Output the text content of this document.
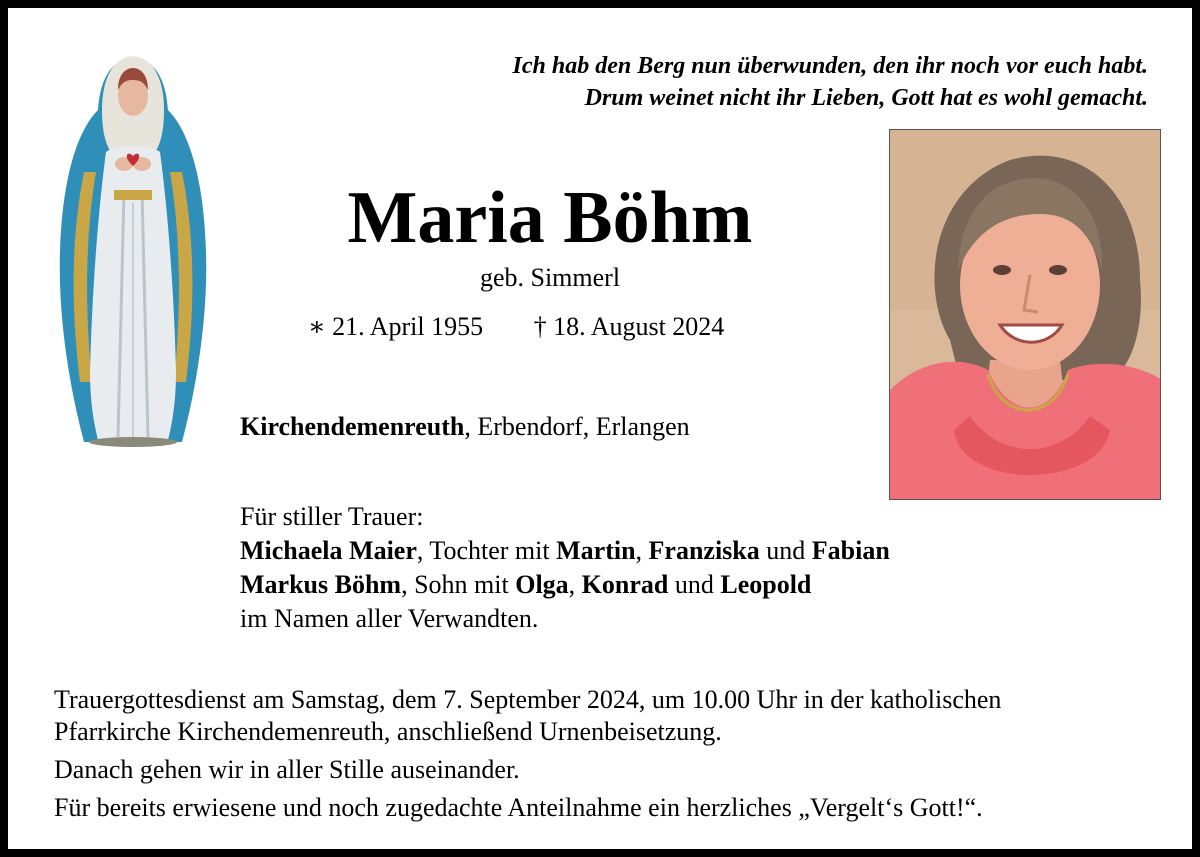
Ich hab den Berg nun überwunden, den ihr noch vor euch habt.
Drum weinet nicht ihr Lieben, Gott hat es wohl gemacht.
Maria Böhm
geb. Simmerl
∗ 21. April 1955 † 18. August 2024
Kirchendemenreuth, Erbendorf, Erlangen
Für stiller Trauer:
Michaela Maier, Tochter mit Martin, Franziska und Fabian
Markus Böhm, Sohn mit Olga, Konrad und Leopold
im Namen aller Verwandten.
Trauergottesdienst am Samstag, dem 7. September 2024, um 10.00 Uhr in der katholischen
Pfarrkirche Kirchendemenreuth, anschließend Urnenbeisetzung.
Danach gehen wir in aller Stille auseinander.
Für bereits erwiesene und noch zugedachte Anteilnahme ein herzliches „Vergelt‘s Gott!“.
